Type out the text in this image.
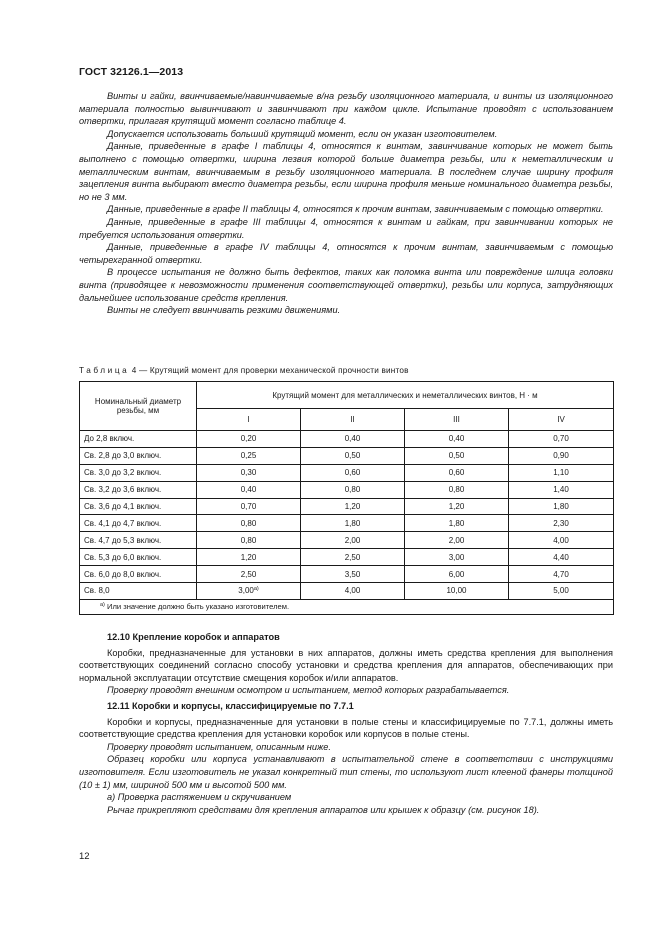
ГОСТ 32126.1—2013

Винты и гайки, ввинчиваемые/навинчиваемые в/на резьбу изоляционного материала, и винты из изоляционного материала полностью вывинчивают и завинчивают при каждом цикле. Испытание проводят с использованием отвертки, прилагая крутящий момент согласно таблице 4.

Допускается использовать больший крутящий момент, если он указан изготовителем.

Данные, приведенные в графе I таблицы 4, относятся к винтам, завинчивание которых не может быть выполнено с помощью отвертки, ширина лезвия которой больше диаметра резьбы, или к неметаллическим и металлическим винтам, ввинчиваемым в резьбу изоляционного материала. В последнем случае ширину профиля зацепления винта выбирают вместо диаметра резьбы, если ширина профиля меньше номинального диаметра резьбы, но не 3 мм.

Данные, приведенные в графе II таблицы 4, относятся к прочим винтам, завинчиваемым с помощью отвертки.

Данные, приведенные в графе III таблицы 4, относятся к винтам и гайкам, при завинчивании которых не требуется использования отвертки.

Данные, приведенные в графе IV таблицы 4, относятся к прочим винтам, завинчиваемым с помощью четырехгранной отвертки.

В процессе испытания не должно быть дефектов, таких как поломка винта или повреждение шлица головки винта (приводящее к невозможности применения соответствующей отвертки), резьбы или корпуса, затрудняющих дальнейшее использование средств крепления.

Винты не следует ввинчивать резкими движениями.

Таблица 4 — Крутящий момент для проверки механической прочности винтов
Номинальный диаметр резьбы, мм	Крутящий момент для металлических и неметаллических винтов, Н · м			
	I	II	III	IV
До 2,8 включ.	0,20	0,40	0,40	0,70
Св. 2,8 до 3,0 включ.	0,25	0,50	0,50	0,90
Св. 3,0 до 3,2 включ.	0,30	0,60	0,60	1,10
Св. 3,2 до 3,6 включ.	0,40	0,80	0,80	1,40
Св. 3,6 до 4,1 включ.	0,70	1,20	1,20	1,80
Св. 4,1 до 4,7 включ.	0,80	1,80	1,80	2,30
Св. 4,7 до 5,3 включ.	0,80	2,00	2,00	4,00
Св. 5,3 до 6,0 включ.	1,20	2,50	3,00	4,40
Св. 6,0 до 8,0 включ.	2,50	3,50	6,00	4,70
Св. 8,0	3,00$^{a)}$	4,00	10,00	5,00
$^{a)}$ Или значение должно быть указано изготовителем.				

12.10 Крепление коробок и аппаратов

Коробки, предназначенные для установки в них аппаратов, должны иметь средства крепления для выполнения соответствующих соединений согласно способу установки и средства крепления для аппаратов, обеспечивающих при нормальной эксплуатации отсутствие смещения коробок и/или аппаратов.

Проверку проводят внешним осмотром и испытанием, метод которых разрабатывается.

12.11 Коробки и корпусы, классифицируемые по 7.7.1

Коробки и корпусы, предназначенные для установки в полые стены и классифицируемые по 7.7.1, должны иметь соответствующие средства крепления для установки коробок или корпусов в полые стены.

Проверку проводят испытанием, описанным ниже.

Образец коробки или корпуса устанавливают в испытательной стене в соответствии с инструкциями изготовителя. Если изготовитель не указал конкретный тип стены, то используют лист клееной фанеры толщиной (10 ± 1) мм, шириной 500 мм и высотой 500 мм.

а) Проверка растяжением и скручиванием

Рычаг прикрепляют средствами для крепления аппаратов или крышек к образцу (см. рисунок 18).

12
